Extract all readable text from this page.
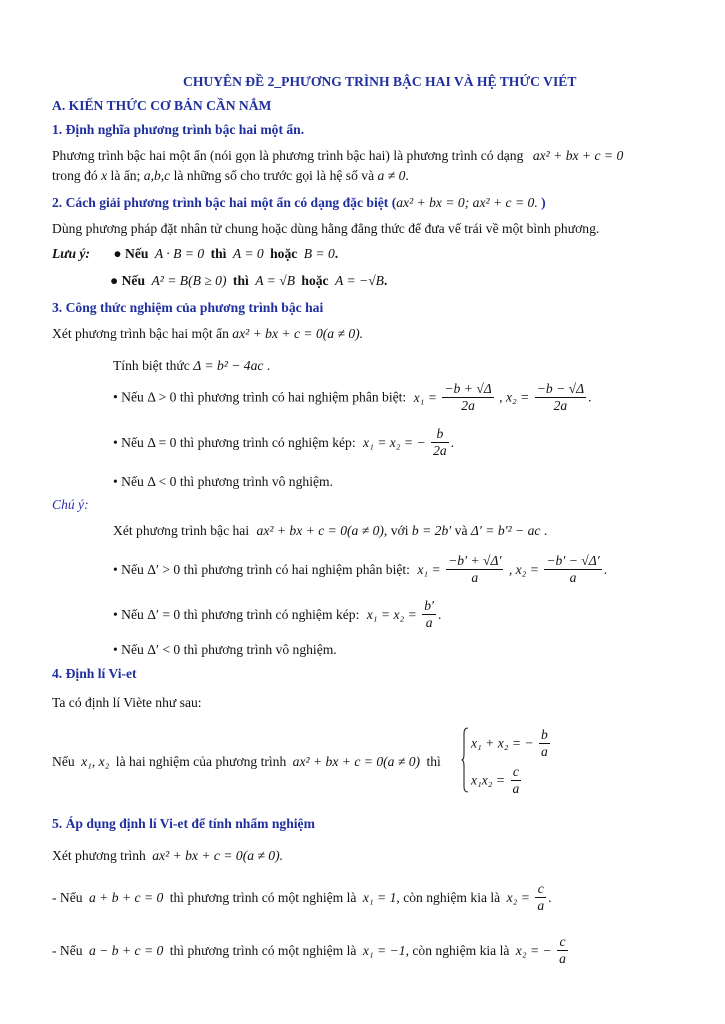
CHUYÊN ĐỀ 2_PHƯƠNG TRÌNH BẬC HAI VÀ HỆ THỨC VIÉT
A. KIẾN THỨC CƠ BẢN CẦN NẮM
1. Định nghĩa phương trình bậc hai một ẩn.
Phương trình bậc hai một ẩn (nói gọn là phương trình bậc hai) là phương trình có dạng ax² + bx + c = 0
trong đó x là ẩn; a,b,c là những số cho trước gọi là hệ số và a ≠ 0.
2. Cách giải phương trình bậc hai một ẩn có dạng đặc biệt (ax² + bx = 0; ax² + c = 0. )
Dùng phương pháp đặt nhân tử chung hoặc dùng hằng đẳng thức để đưa vế trái về một bình phương.
Lưu ý: ● Nếu A · B = 0 thì A = 0 hoặc B = 0.
● Nếu A² = B(B ≥ 0) thì A = √B hoặc A = −√B.
3. Công thức nghiệm của phương trình bậc hai
Xét phương trình bậc hai một ẩn ax² + bx + c = 0(a ≠ 0).
Tính biệt thức Δ = b² − 4ac .
• Nếu Δ > 0 thì phương trình có hai nghiệm phân biệt: $x_1 = \frac{-b + √\Delta}{2a}$ , $x_2 = \frac{-b - √\Delta}{2a}$ .
• Nếu Δ = 0 thì phương trình có nghiệm kép: x₁ = x₂ = − $\frac{b}{2a}$ .
• Nếu Δ < 0 thì phương trình vô nghiệm.
Chú ý:
Xét phương trình bậc hai ax² + bx + c = 0(a ≠ 0), với b = 2b′ và Δ′ = b′² − ac .
• Nếu Δ′ > 0 thì phương trình có hai nghiệm phân biệt: $x_1 = \frac{-b' + √\Delta'}{a}$ , $x_2 = \frac{-b' - √\Delta'}{a}$ .
• Nếu Δ′ = 0 thì phương trình có nghiệm kép: $x_1 = x_2 = \frac{b'}{a}$ .
• Nếu Δ′ < 0 thì phương trình vô nghiệm.
4. Định lí Vi-et
Ta có định lí Viète như sau:
Nếu x₁, x₂ là hai nghiệm của phương trình ax² + bx + c = 0(a ≠ 0) thì
x₁ + x₂ = − $\frac{b}{a}$
$x_1x_2 = \frac{c}{a}$
5. Áp dụng định lí Vi-et để tính nhẩm nghiệm
Xét phương trình ax² + bx + c = 0(a ≠ 0).
- Nếu a + b + c = 0 thì phương trình có một nghiệm là x₁ = 1, còn nghiệm kia là $x_2 = \frac{c}{a}$ .
- Nếu a − b + c = 0 thì phương trình có một nghiệm là x₁ = −1, còn nghiệm kia là x₂ = − $\frac{c}{a}$
